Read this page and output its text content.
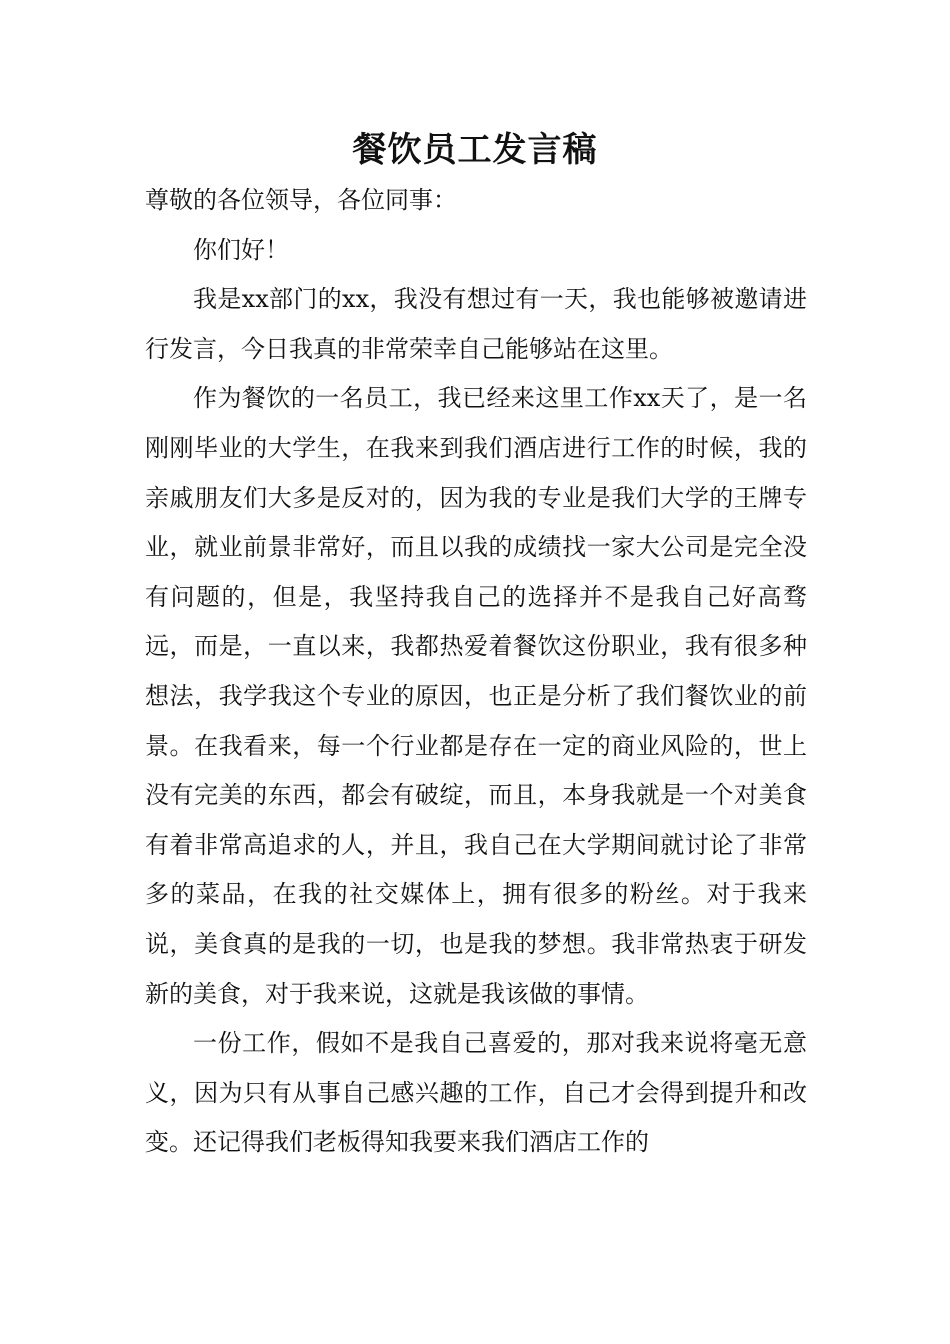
餐饮员工发言稿

尊敬的各位领导，各位同事：

你们好！

我是xx部门的xx，我没有想过有一天，我也能够被邀请进行发言，今日我真的非常荣幸自己能够站在这里。

作为餐饮的一名员工，我已经来这里工作xx天了，是一名刚刚毕业的大学生，在我来到我们酒店进行工作的时候，我的亲戚朋友们大多是反对的，因为我的专业是我们大学的王牌专业，就业前景非常好，而且以我的成绩找一家大公司是完全没有问题的，但是，我坚持我自己的选择并不是我自己好高骛远，而是，一直以来，我都热爱着餐饮这份职业，我有很多种想法，我学我这个专业的原因，也正是分析了我们餐饮业的前景。在我看来，每一个行业都是存在一定的商业风险的，世上没有完美的东西，都会有破绽，而且，本身我就是一个对美食有着非常高追求的人，并且，我自己在大学期间就讨论了非常多的菜品，在我的社交媒体上，拥有很多的粉丝。对于我来说，美食真的是我的一切，也是我的梦想。我非常热衷于研发新的美食，对于我来说，这就是我该做的事情。

一份工作，假如不是我自己喜爱的，那对我来说将毫无意义，因为只有从事自己感兴趣的工作，自己才会得到提升和改变。还记得我们老板得知我要来我们酒店工作的
